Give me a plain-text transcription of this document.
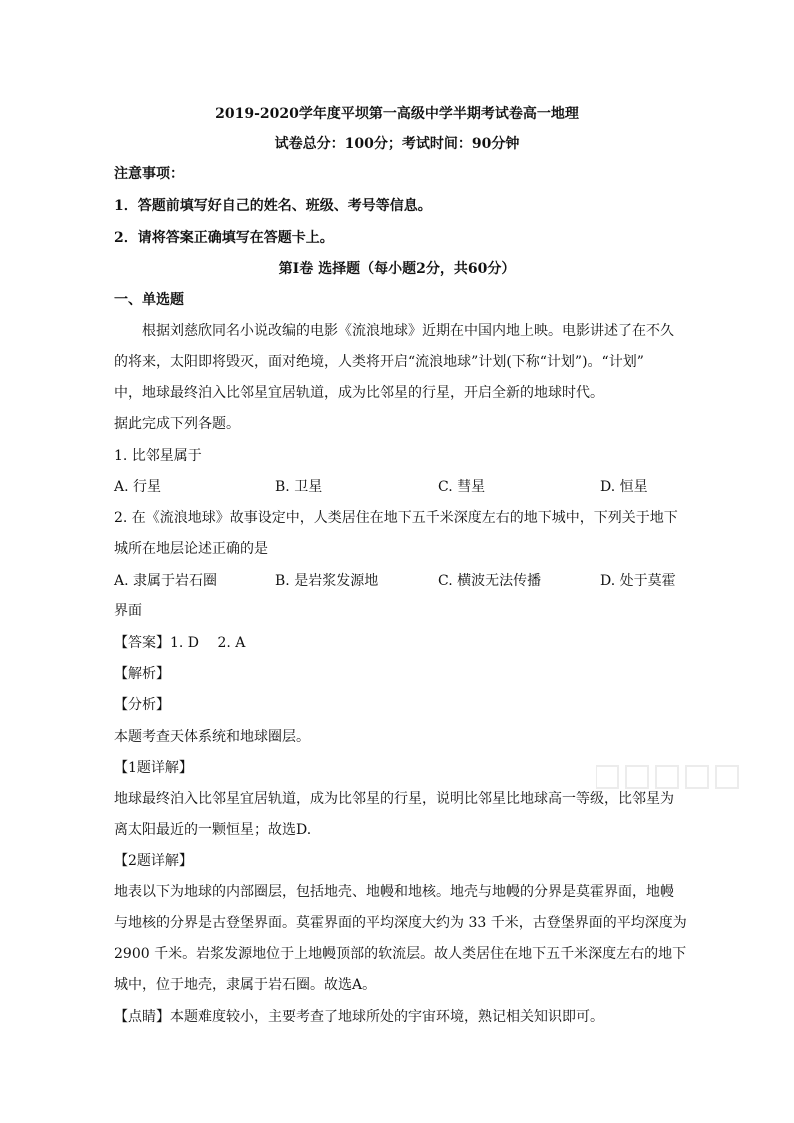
2019-2020学年度平坝第一高级中学半期考试卷高一地理
试卷总分：100分；考试时间：90分钟
注意事项：
1．答题前填写好自己的姓名、班级、考号等信息。
2．请将答案正确填写在答题卡上。
第I卷 选择题（每小题2分，共60分）
一、单选题
根据刘慈欣同名小说改编的电影《流浪地球》近期在中国内地上映。电影讲述了在不久
的将来，太阳即将毁灭，面对绝境，人类将开启“流浪地球”计划(下称“计划”)。“计划”
中，地球最终泊入比邻星宜居轨道，成为比邻星的行星，开启全新的地球时代。
据此完成下列各题。
1. 比邻星属于
A. 行星	B. 卫星	C. 彗星	D. 恒星
2. 在《流浪地球》故事设定中，人类居住在地下五千米深度左右的地下城中，下列关于地下
城所在地层论述正确的是
A. 隶属于岩石圈	B. 是岩浆发源地	C. 横波无法传播	D. 处于莫霍
界面
【答案】1. D　 2. A
【解析】
【分析】
本题考查天体系统和地球圈层。
【1题详解】
地球最终泊入比邻星宜居轨道，成为比邻星的行星，说明比邻星比地球高一等级，比邻星为
离太阳最近的一颗恒星；故选D.
【2题详解】
地表以下为地球的内部圈层，包括地壳、地幔和地核。地壳与地幔的分界是莫霍界面，地幔
与地核的分界是古登堡界面。莫霍界面的平均深度大约为 33 千米，古登堡界面的平均深度为
2900 千米。岩浆发源地位于上地幔顶部的软流层。故人类居住在地下五千米深度左右的地下
城中，位于地壳，隶属于岩石圈。故选A。
【点睛】本题难度较小，主要考查了地球所处的宇宙环境，熟记相关知识即可。
